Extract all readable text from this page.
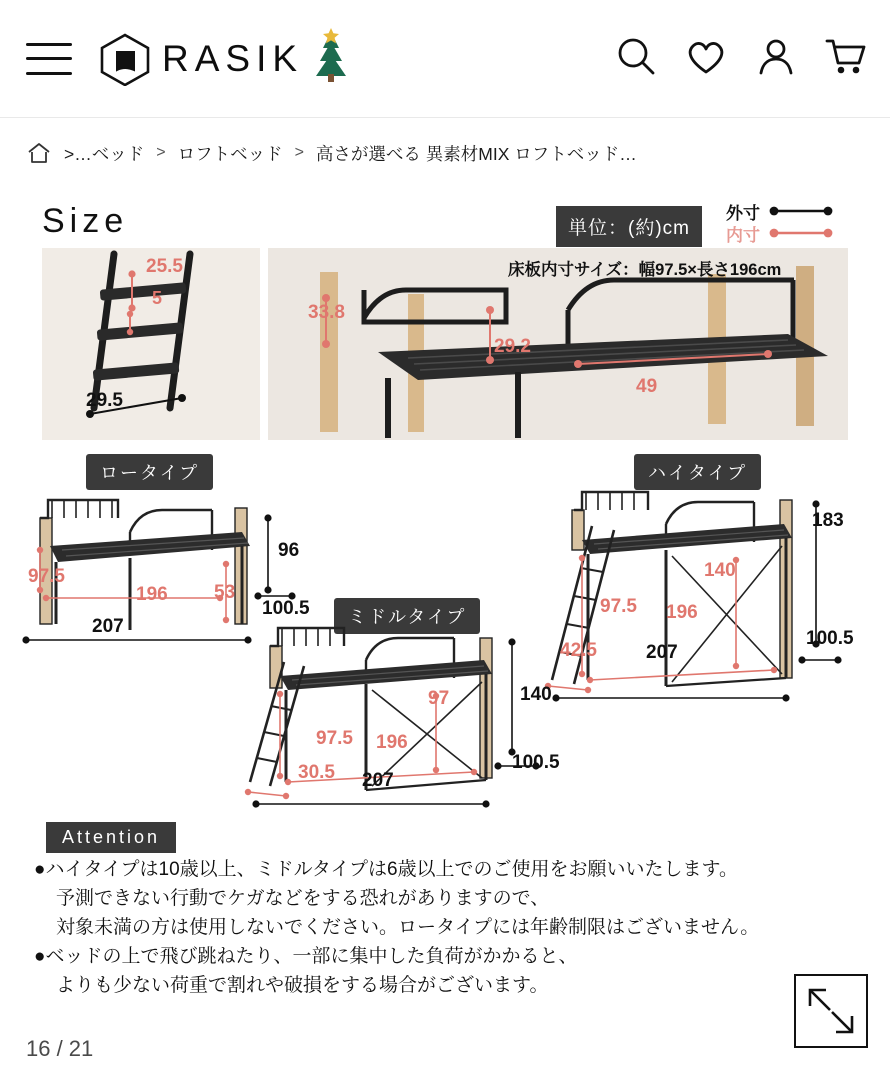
RASIK
>…ベッド > ロフトベッド > 高さが選べる 異素材MIX ロフトベッド…
Size	単位：(約)cm
外寸
内寸
25.5
5
29.5
床板内寸サイズ：幅97.5×長さ196cm
33.8
29.2
49
ロータイプ	ハイタイプ
ミドルタイプ
97.5
196 53
96
100.5
207
97.5 196
140
42.5
183
100.5
207
97.5 196
97
30.5
140
100.5
207
Attention

●ハイタイプは10歳以上、ミドルタイプは6歳以上でのご使用をお願いいたします。

予測できない行動でケガなどをする恐れがありますので、

対象未満の方は使用しないでください。ロータイプには年齢制限はございません。

●ベッドの上で飛び跳ねたり、一部に集中した負荷がかかると、

よりも少ない荷重で割れや破損をする場合がございます。

16 / 21
